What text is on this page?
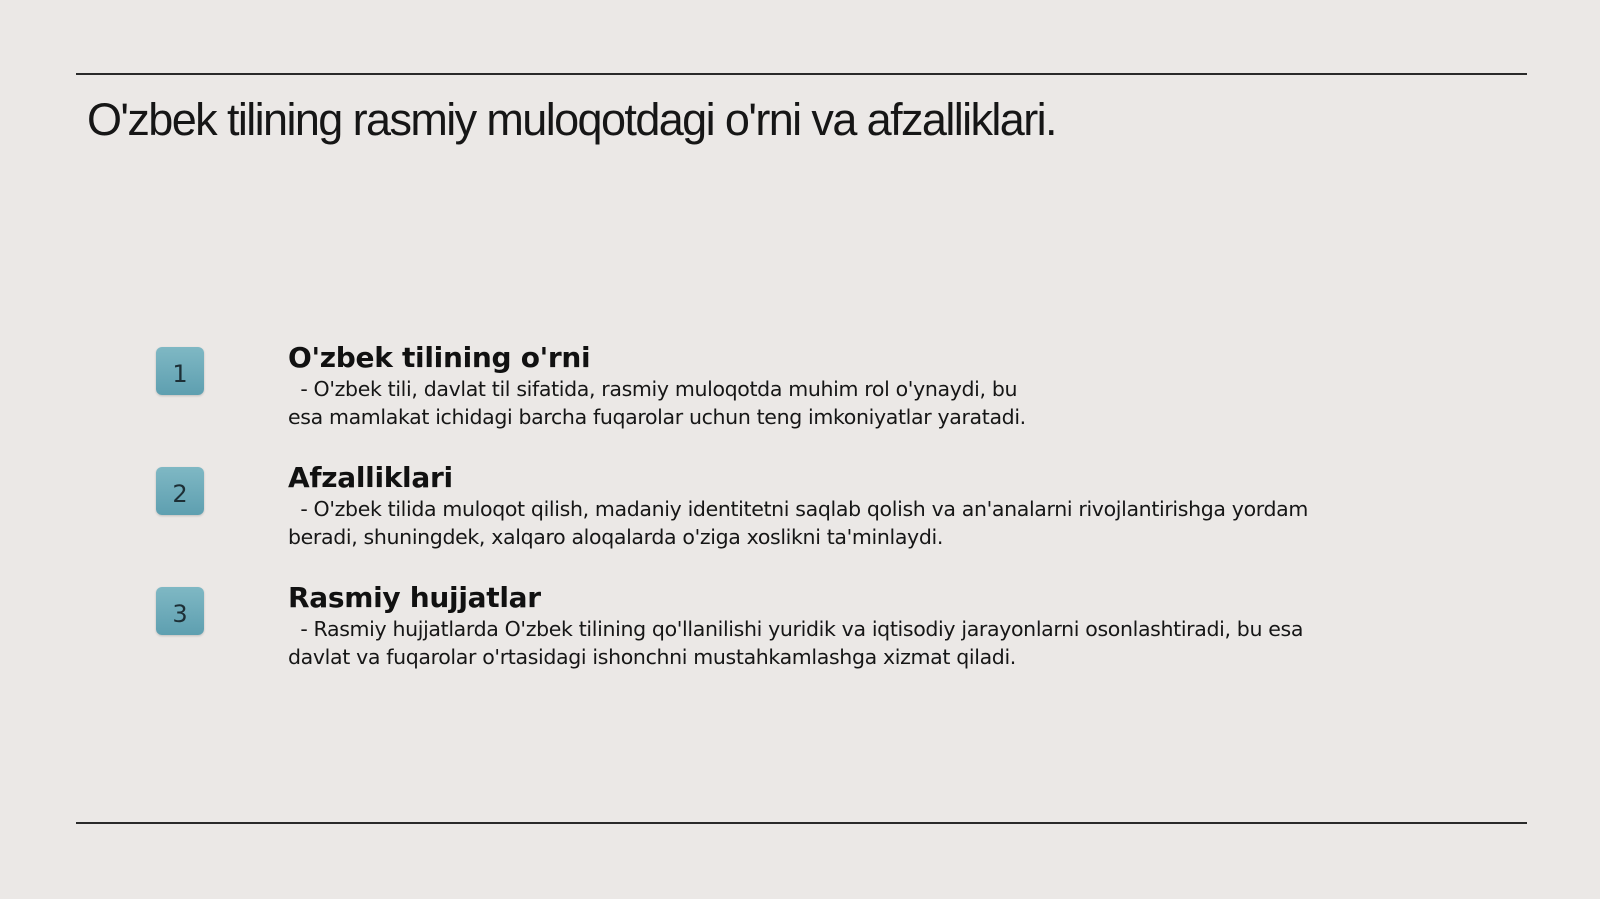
O'zbek tilining rasmiy muloqotdagi o'rni va afzalliklari.
1	O'zbek tilining o'rni

- O'zbek tili, davlat til sifatida, rasmiy muloqotda muhim rol o'ynaydi, bu
esa mamlakat ichidagi barcha fuqarolar uchun teng imkoniyatlar yaratadi.

2	Afzalliklari

- O'zbek tilida muloqot qilish, madaniy identitetni saqlab qolish va an'analarni rivojlantirishga yordam
beradi, shuningdek, xalqaro aloqalarda o'ziga xoslikni ta'minlaydi.

3	Rasmiy hujjatlar

- Rasmiy hujjatlarda O'zbek tilining qo'llanilishi yuridik va iqtisodiy jarayonlarni osonlashtiradi, bu esa
davlat va fuqarolar o'rtasidagi ishonchni mustahkamlashga xizmat qiladi.
